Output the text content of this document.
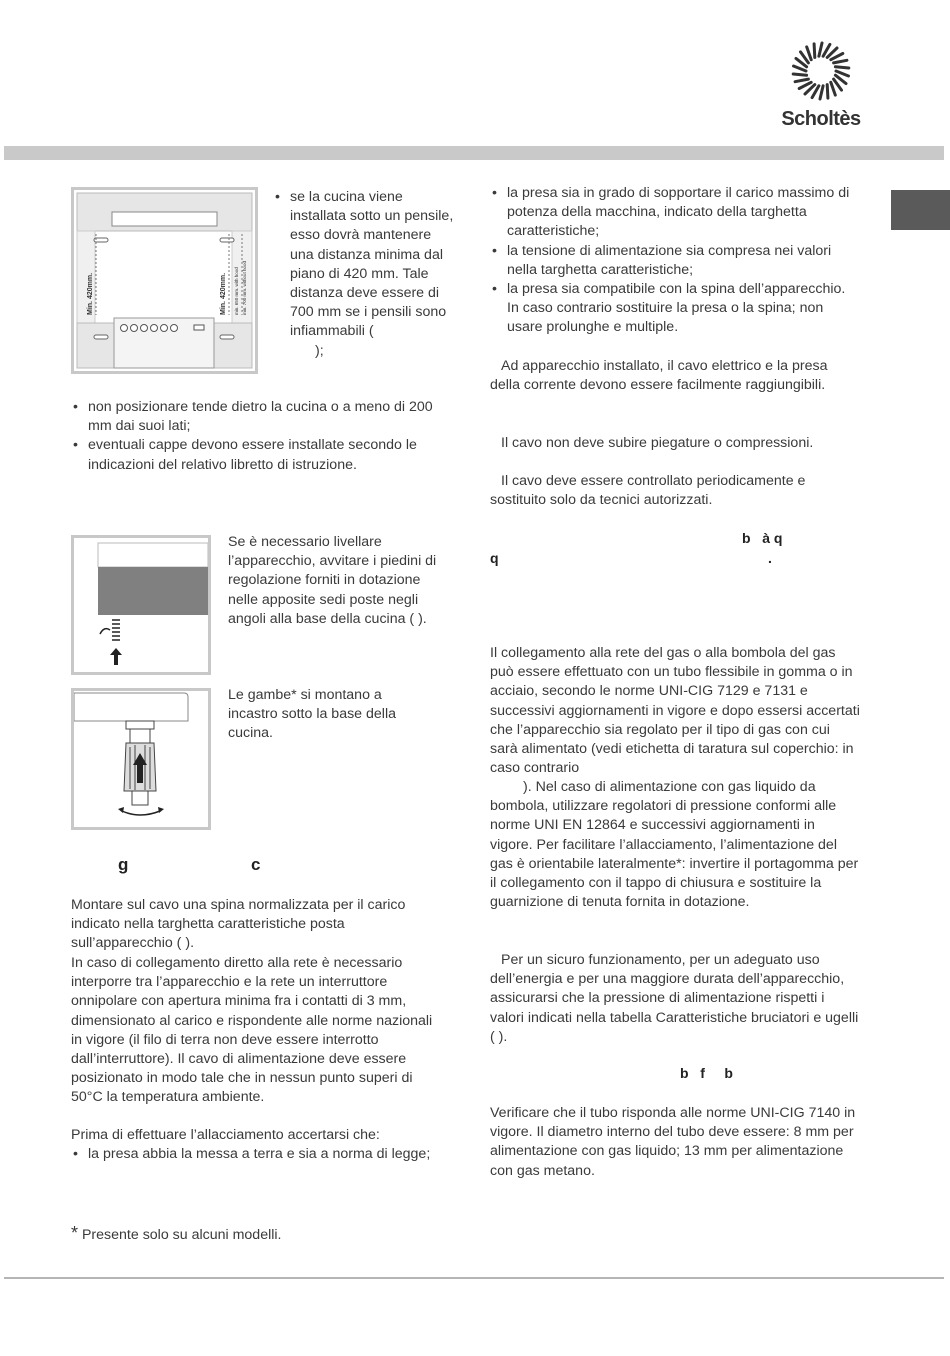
Scholtès
Min. 420mm.	Min. 420mm. min. 650 mm. with hood min. 700 mm. without hood
• se la cucina viene installata sotto un pensile, esso dovrà mantenere una distanza minima dal piano di 420 mm. Tale distanza deve essere di 700 mm se i pensili sono infiammabili (
);
• non posizionare tende dietro la cucina o a meno di 200 mm dai suoi lati;
• eventuali cappe devono essere installate secondo le indicazioni del relativo libretto di istruzione.
Se è necessario livellare l’apparecchio, avvitare i piedini di regolazione forniti in dotazione nelle apposite sedi poste negli angoli alla base della cucina ( ).
Le gambe* si montano a incastro sotto la base della cucina.
g	c
Montare sul cavo una spina normalizzata per il carico indicato nella targhetta caratteristiche posta sull’apparecchio ( ).
In caso di collegamento diretto alla rete è necessario interporre tra l’apparecchio e la rete un interruttore onnipolare con apertura minima fra i contatti di 3 mm, dimensionato al carico e rispondente alle norme nazionali in vigore (il filo di terra non deve essere interrotto dall’interruttore). Il cavo di alimentazione deve essere posizionato in modo tale che in nessun punto superi di 50°C la temperatura ambiente.
Prima di effettuare l’allacciamento accertarsi che:
• la presa abbia la messa a terra e sia a norma di legge;
* Presente solo su alcuni modelli.
• la presa sia in grado di sopportare il carico massimo di potenza della macchina, indicato della targhetta caratteristiche;
• la tensione di alimentazione sia compresa nei valori nella targhetta caratteristiche;
• la presa sia compatibile con la spina dell’apparecchio. In caso contrario sostituire la presa o la spina; non usare prolunghe e multiple.
Ad apparecchio installato, il cavo elettrico e la presa della corrente devono essere facilmente raggiungibili.
Il cavo non deve subire piegature o compressioni.
Il cavo deve essere controllato periodicamente e sostituito solo da tecnici autorizzati.
b   à q
q	.
Il collegamento alla rete del gas o alla bombola del gas può essere effettuato con un tubo flessibile in gomma o in acciaio, secondo le norme UNI-CIG 7129 e 7131 e successivi aggiornamenti in vigore e dopo essersi accertati che l’apparecchio sia regolato per il tipo di gas con cui sarà alimentato (vedi etichetta di taratura sul coperchio: in caso contrario
). Nel caso di alimentazione con gas liquido da bombola, utilizzare regolatori di pressione conformi alle norme UNI EN 12864 e successivi aggiornamenti in vigore. Per facilitare l’allacciamento, l’alimentazione del gas è orientabile lateralmente*: invertire il portagomma per il collegamento con il tappo di chiusura e sostituire la guarnizione di tenuta fornita in dotazione.
Per un sicuro funzionamento, per un adeguato uso dell’energia e per una maggiore durata dell’apparecchio, assicurarsi che la pressione di alimentazione rispetti i valori indicati nella tabella Caratteristiche bruciatori e ugelli ( ).
b   f     b
Verificare che il tubo risponda alle norme UNI-CIG 7140 in vigore. Il diametro interno del tubo deve essere: 8 mm per alimentazione con gas liquido; 13 mm per alimentazione con gas metano.
